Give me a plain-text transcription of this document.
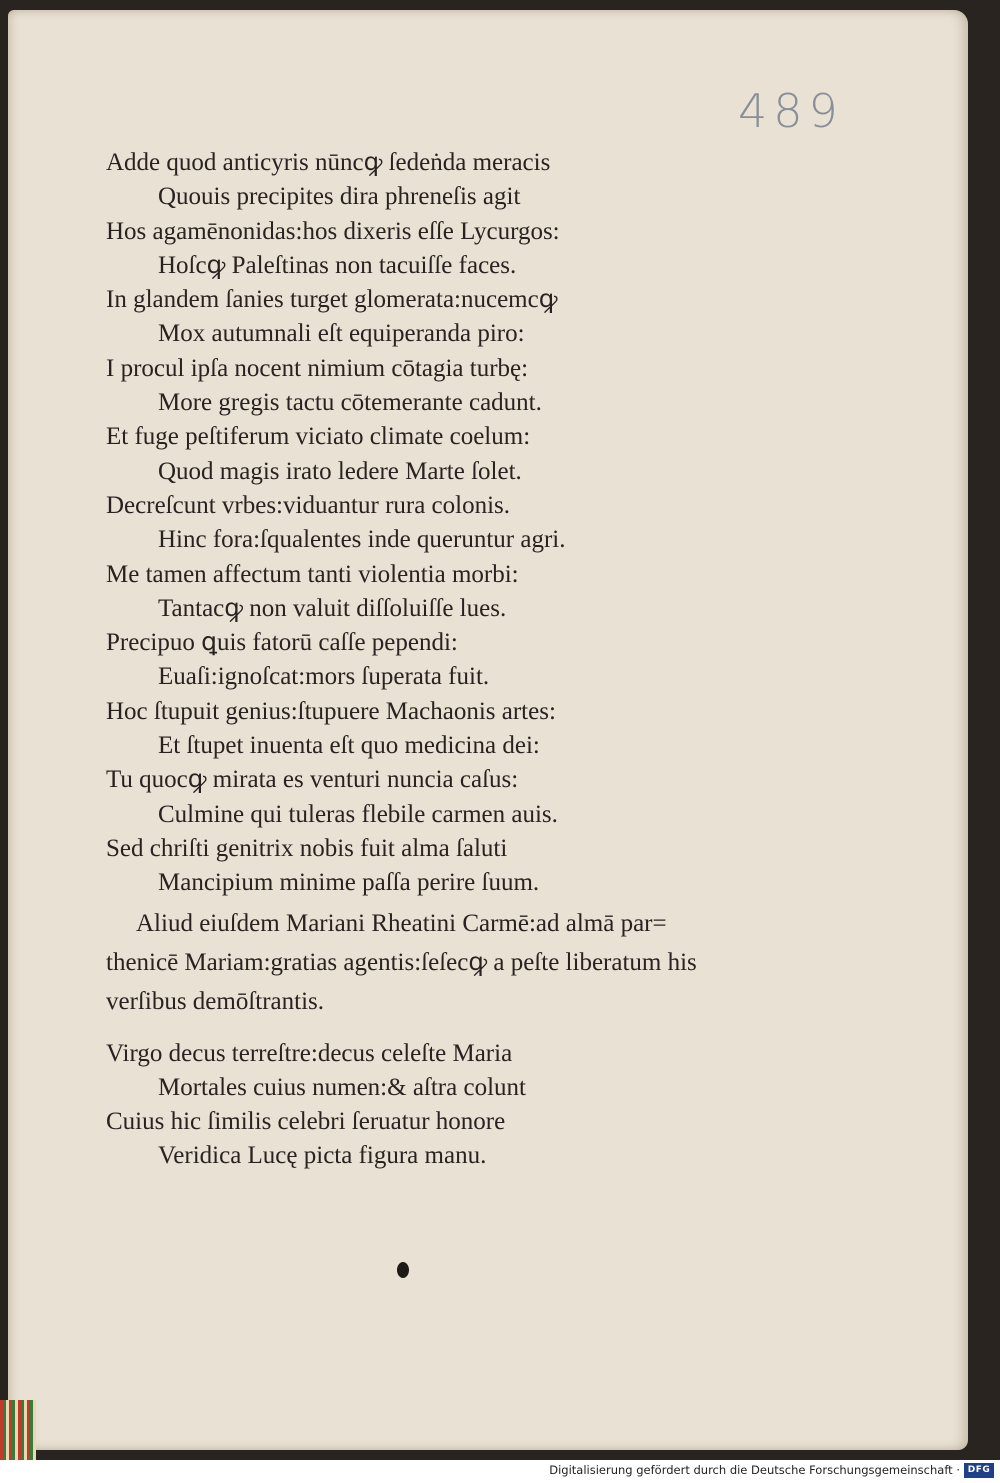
489
Adde quod anticyris nūncꝙ ſedeṅda meracis
Quouis precipites dira phreneſis agit
Hos agamēnonidas:hos dixeris eſſe Lycurgos:
Hoſcꝙ Paleſtinas non tacuiſſe faces.
In glandem ſanies turget glomerata:nucemcꝙ
Mox autumnali eſt equiperanda piro:
I procul ipſa nocent nimium cōtagia turbę:
More gregis tactu cōtemerante cadunt.
Et fuge peſtiferum viciato climate coelum:
Quod magis irato ledere Marte ſolet.
Decreſcunt vrbes:viduantur rura colonis.
Hinc fora:ſqualentes inde queruntur agri.
Me tamen affectum tanti violentia morbi:
Tantacꝙ non valuit diſſoluiſſe lues.
Precipuo ꝗuis fatorū caſſe pependi:
Euaſi:ignoſcat:mors ſuperata fuit.
Hoc ſtupuit genius:ſtupuere Machaonis artes:
Et ſtupet inuenta eſt quo medicina dei:
Tu quocꝙ mirata es venturi nuncia caſus:
Culmine qui tuleras flebile carmen auis.
Sed chriſti genitrix nobis fuit alma ſaluti
Mancipium minime paſſa perire ſuum.
Aliud eiuſdem Mariani Rheatini Carmē:ad almā par=
thenicē Mariam:gratias agentis:ſeſecꝙ a peſte liberatum his
verſibus demōſtrantis.
Virgo decus terreſtre:decus celeſte Maria
Mortales cuius numen:& aſtra colunt
Cuius hic ſimilis celebri ſeruatur honore
Veridica Lucę picta figura manu.
Digitalisierung gefördert durch die Deutsche Forschungsgemeinschaft · DFG
